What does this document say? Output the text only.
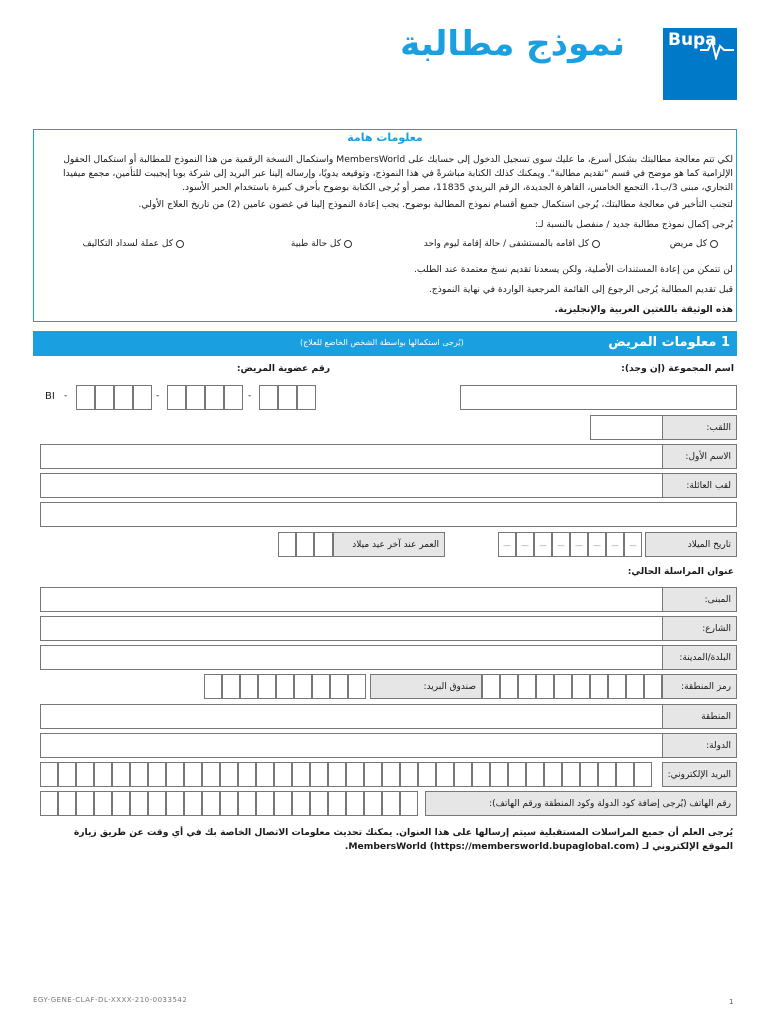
Bupa
نموذج مطالبة
معلومات هامة
لكي تتم معالجة مطالبتك بشكل أسرع، ما عليك سوى تسجيل الدخول إلى حسابك على MembersWorld واستكمال النسخة الرقمية من هذا النموذج للمطالبة أو استكمال الحقول الإلزامية كما هو موضح في قسم "تقديم مطالبة". ويمكنك كذلك الكتابة مباشرةً في هذا النموذج، وتوقيعه يدويًا، وإرساله إلينا عبر البريد إلى شركة بوبا إيجيبت للتأمين، مجمع ميفيدا التجاري، مبنى 3/ب1، التجمع الخامس، القاهرة الجديدة، الرقم البريدي 11835، مصر أو يُرجى الكتابة بوضوح بأحرف كبيرة باستخدام الحبر الأسود.
لتجنب التأخير في معالجة مطالبتك، يُرجى استكمال جميع أقسام نموذج المطالبة بوضوح. يجب إعادة النموذج إلينا في غضون عامين (2) من تاريخ العلاج الأولي.
يُرجى إكمال نموذج مطالبة جديد / منفصل بالنسبة لـ:
كل مريض
كل اقامه بالمستشفى / حالة إقامة ليوم واحد
كل حالة طبية
كل عملة لسداد التكاليف
لن تتمكن من إعادة المستندات الأصلية، ولكن يسعدنا تقديم نسخ معتمدة عند الطلب.
قبل تقديم المطالبة يُرجى الرجوع إلى القائمة المرجعية الواردة في نهاية النموذج.
هذه الوثيقة باللغتين العربية والإنجليزية.
1 معلومات المريض
(يُرجى استكمالها بواسطة الشخص الخاضع للعلاج)
اسم المجموعة (إن وجد):
رقم عضوية المريض:
BI -	-	-
اللقب:
الاسم الأول:
لقب العائلة:
تاريخ الميلاد
—	—	—	—	—	—	—	—
العمر عند آخر عيد ميلاد
عنوان المراسلة الحالي:
المبنى:
الشارع:
البلدة/المدينة:
رمز المنطقة:
صندوق البريد:
المنطقة
الدولة:
البريد الإلكتروني:
رقم الهاتف (يُرجى إضافة كود الدولة وكود المنطقة ورقم الهاتف):
يُرجى العلم أن جميع المراسلات المستقبلية سيتم إرسالها على هذا العنوان. يمكنك تحديث معلومات الاتصال الخاصة بك في أي وقت عن طريق زيارة
الموقع الإلكتروني لـ MembersWorld (https://membersworld.bupaglobal.com).
EGY-GENE-CLAF-DL-XXXX-210-0033542	1
